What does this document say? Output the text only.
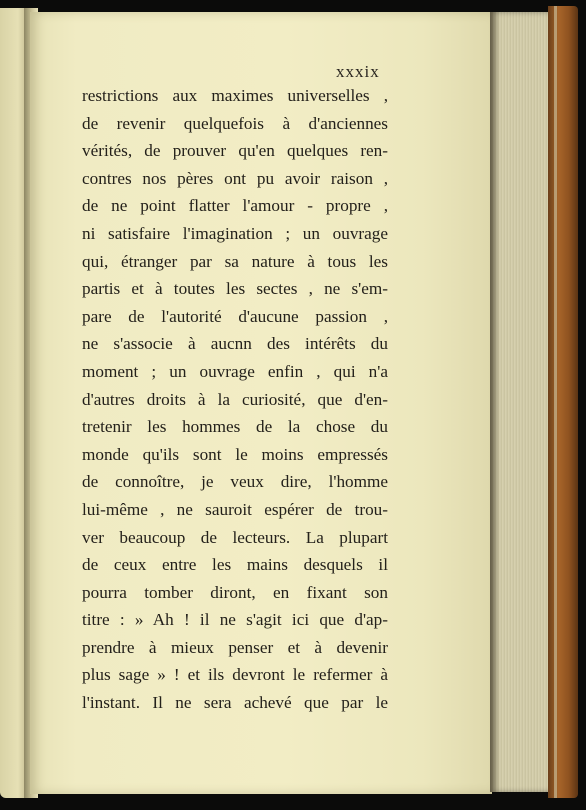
xxxix
restrictions aux maximes universelles ,
de revenir quelquefois à d'anciennes
vérités, de prouver qu'en quelques ren-
contres nos pères ont pu avoir raison ,
de ne point flatter l'amour - propre ,
ni satisfaire l'imagination ; un ouvrage
qui, étranger par sa nature à tous les
partis et à toutes les sectes , ne s'em-
pare de l'autorité d'aucune passion ,
ne s'associe à aucnn des intérêts du
moment ; un ouvrage enfin , qui n'a
d'autres droits à la curiosité, que d'en-
tretenir les hommes de la chose du
monde qu'ils sont le moins empressés
de connoître, je veux dire, l'homme
lui-même , ne sauroit espérer de trou-
ver beaucoup de lecteurs. La plupart
de ceux entre les mains desquels il
pourra tomber diront, en fixant son
titre : » Ah ! il ne s'agit ici que d'ap-
prendre à mieux penser et à devenir
plus sage » ! et ils devront le refermer à
l'instant. Il ne sera achevé que par le
